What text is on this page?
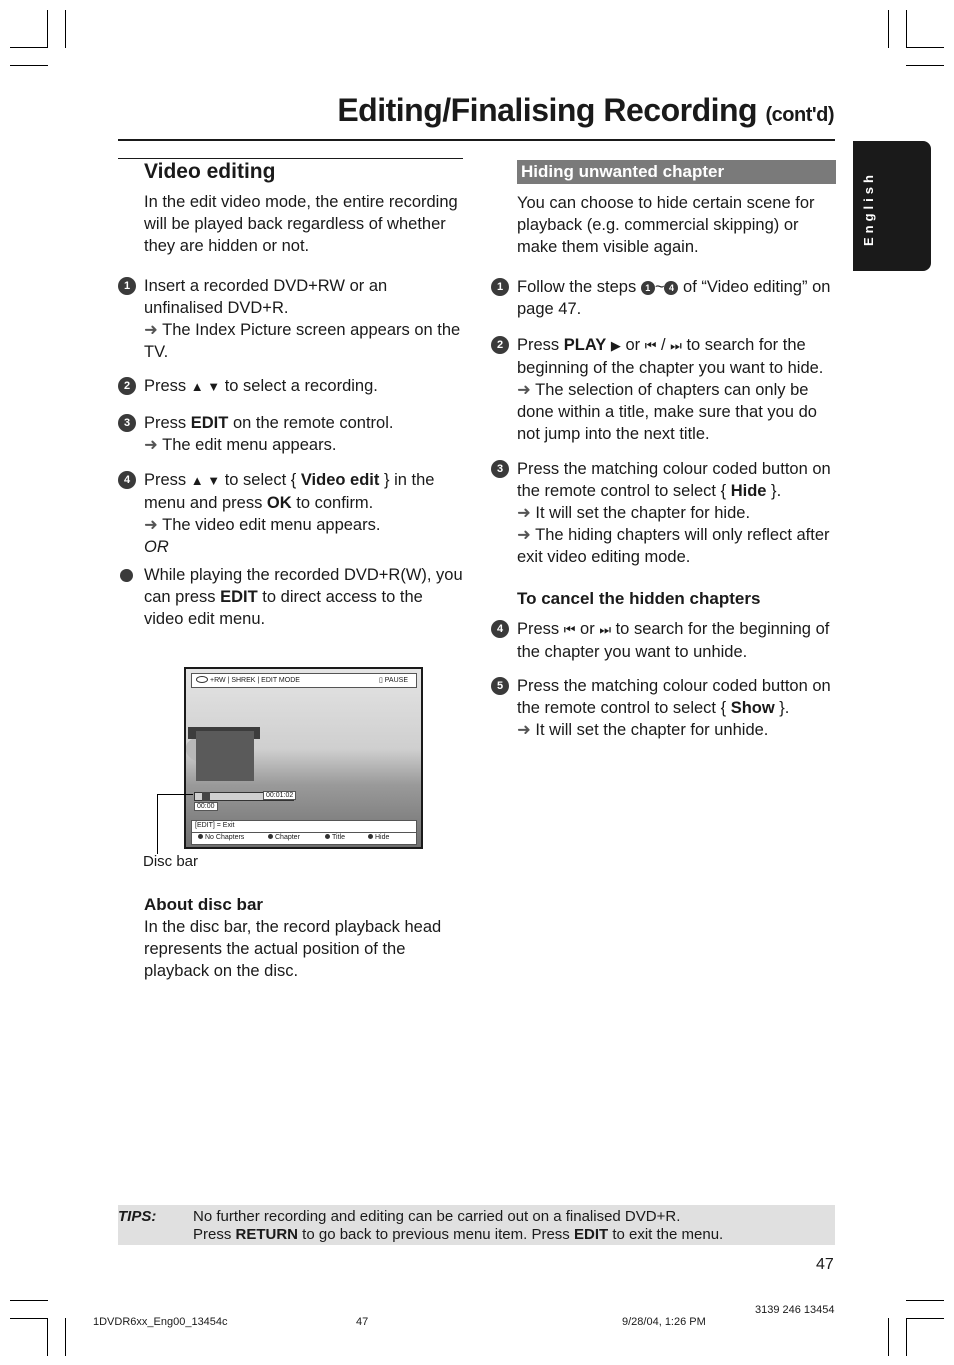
Editing/Finalising Recording (cont'd)
English
Video editing
In the edit video mode, the entire recording will be played back regardless of whether they are hidden or not.
1 Insert a recorded DVD+RW or an unfinalised DVD+R.
➜ The Index Picture screen appears on the TV.
2 Press ▲ ▼ to select a recording.
3 Press EDIT on the remote control.
➜ The edit menu appears.
4 Press ▲ ▼ to select { Video edit } in the menu and press OK to confirm.
➜ The video edit menu appears.
OR
While playing the recorded DVD+R(W), you can press EDIT to direct access to the video edit menu.
+RW | SHREK | EDIT MODE	▯ PAUSE
00:01:02
00:00
[EDIT] = Exit
No Chapters	Chapter	Title	Hide
Disc bar
About disc bar
In the disc bar, the record playback head represents the actual position of the playback on the disc.
Hiding unwanted chapter
You can choose to hide certain scene for playback (e.g. commercial skipping) or make them visible again.
1 Follow the steps 1 ~ 4 of “Video editing” on page 47.
2 Press PLAY ▶ or ⏮ / ⏭ to search for the beginning of the chapter you want to hide.
➜ The selection of chapters can only be done within a title, make sure that you do not jump into the next title.
3 Press the matching colour coded button on the remote control to select { Hide }.
➜ It will set the chapter for hide.
➜ The hiding chapters will only reflect after exit video editing mode.
To cancel the hidden chapters
4 Press ⏮ or ⏭ to search for the beginning of the chapter you want to unhide.
5 Press the matching colour coded button on the remote control to select { Show }.
➜ It will set the chapter for unhide.
TIPS: No further recording and editing can be carried out on a finalised DVD+R.
Press RETURN to go back to previous menu item. Press EDIT to exit the menu.
47
1DVDR6xx_Eng00_13454c	47	9/28/04, 1:26 PM
3139 246 13454
